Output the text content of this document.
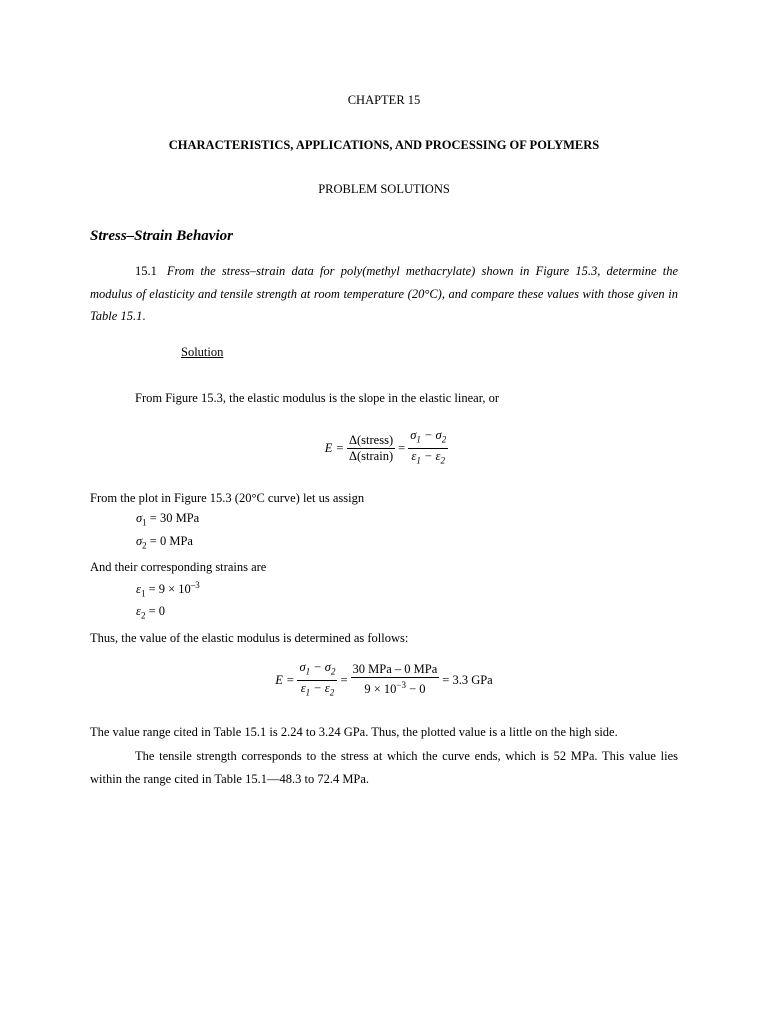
CHAPTER 15
CHARACTERISTICS, APPLICATIONS, AND PROCESSING OF POLYMERS
PROBLEM SOLUTIONS
Stress–Strain Behavior
15.1 From the stress–strain data for poly(methyl methacrylate) shown in Figure 15.3, determine the modulus of elasticity and tensile strength at room temperature (20°C), and compare these values with those given in Table 15.1.
Solution
From Figure 15.3, the elastic modulus is the slope in the elastic linear, or
$E = \frac{\text{Δ(stress)}}{\text{Δ(strain)}} = \frac{\sigma_1 - \sigma_2}{\varepsilon_1 - \varepsilon_2}$
From the plot in Figure 15.3 (20°C curve) let us assign
$\sigma_1 = 30$ MPa
$\sigma_2 = 0$ MPa
And their corresponding strains are
$\varepsilon_1 = 9 \times 10^{-3}$
$\varepsilon_2 = 0$
Thus, the value of the elastic modulus is determined as follows:
$E = \frac{\sigma_1 - \sigma_2}{\varepsilon_1 - \varepsilon_2} = \frac{\text{30 MPa – 0 MPa}}{9 \times 10^{-3} - 0} = 3.3$ GPa
The value range cited in Table 15.1 is 2.24 to 3.24 GPa. Thus, the plotted value is a little on the high side.
The tensile strength corresponds to the stress at which the curve ends, which is 52 MPa. This value lies within the range cited in Table 15.1—48.3 to 72.4 MPa.
